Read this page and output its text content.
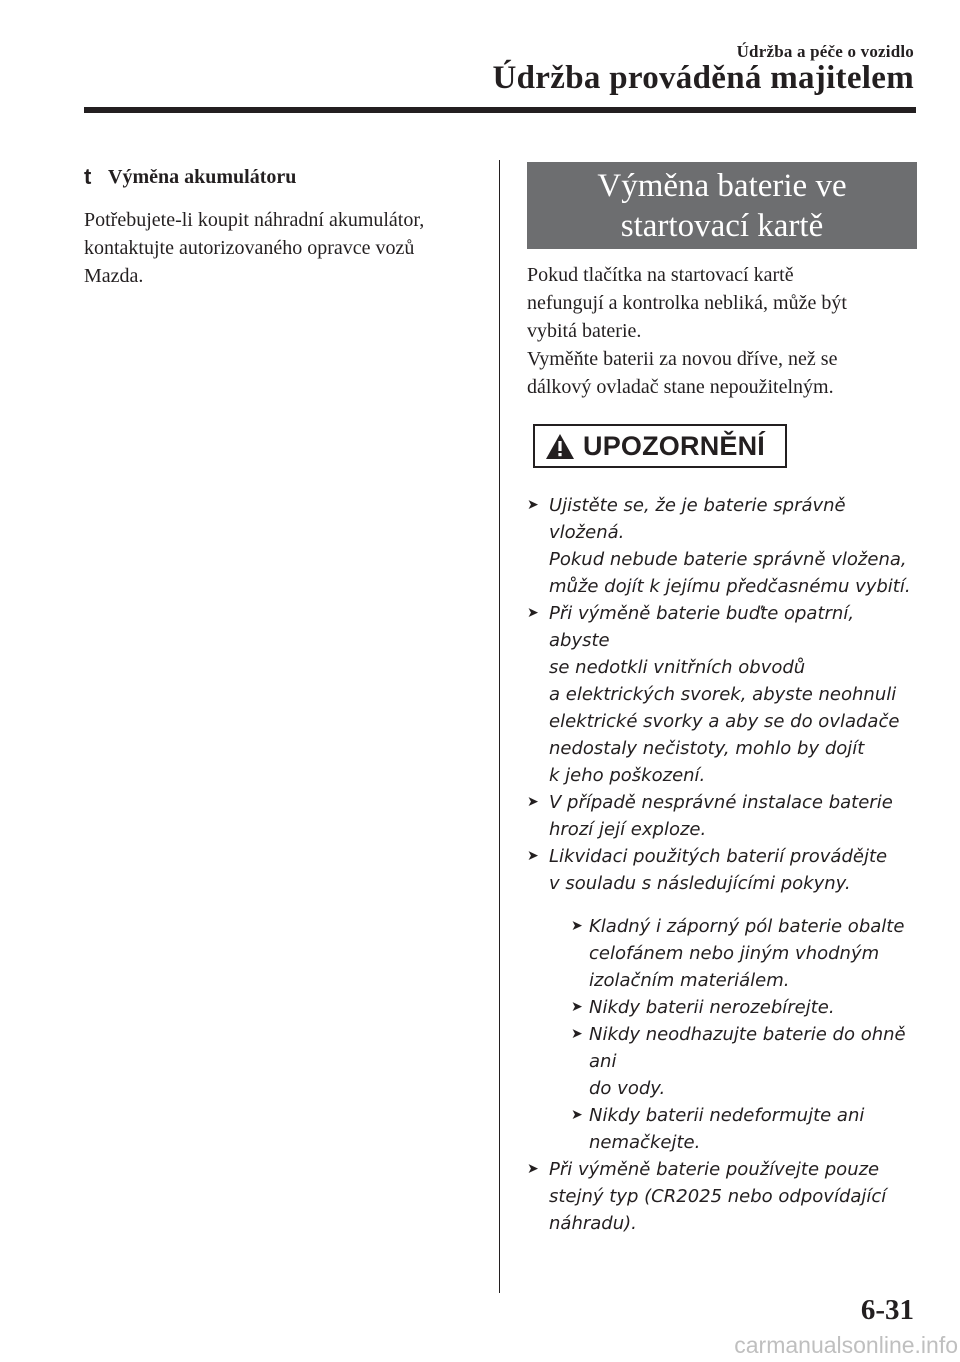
Údržba a péče o vozidlo
Údržba prováděná majitelem
t Výměna akumulátoru
Potřebujete-li koupit náhradní akumulátor,
kontaktujte autorizovaného opravce vozů
Mazda.
Výměna baterie ve
startovací kartě
Pokud tlačítka na startovací kartě
nefungují a kontrolka nebliká, může být
vybitá baterie.
Vyměňte baterii za novou dříve, než se
dálkový ovladač stane nepoužitelným.
UPOZORNĚNÍ
➤ Ujistěte se, že je baterie správně vložená.
Pokud nebude baterie správně vložena,
může dojít k jejímu předčasnému vybití.
➤ Při výměně baterie buďte opatrní, abyste
se nedotkli vnitřních obvodů
a elektrických svorek, abyste neohnuli
elektrické svorky a aby se do ovladače
nedostaly nečistoty, mohlo by dojít
k jeho poškození.
➤ V případě nesprávné instalace baterie
hrozí její exploze.
➤ Likvidaci použitých baterií provádějte
v souladu s následujícími pokyny.
➤ Kladný i záporný pól baterie obalte
celofánem nebo jiným vhodným
izolačním materiálem.
➤ Nikdy baterii nerozebírejte.
➤ Nikdy neodhazujte baterie do ohně ani
do vody.
➤ Nikdy baterii nedeformujte ani
nemačkejte.
➤ Při výměně baterie používejte pouze
stejný typ (CR2025 nebo odpovídající
náhradu).
6-31
carmanualsonline.info
